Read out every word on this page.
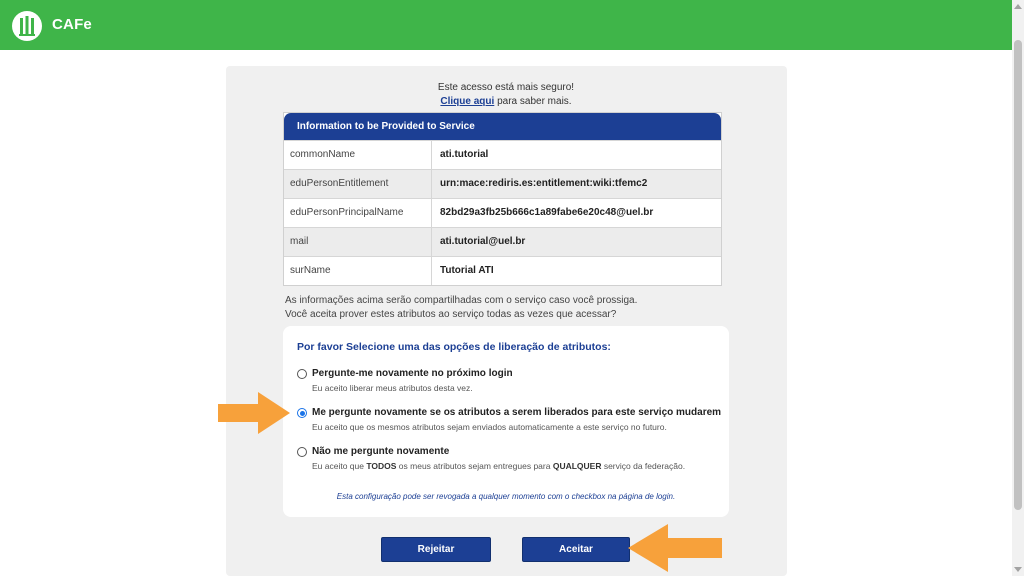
CAFe
Este acesso está mais seguro!
Clique aqui para saber mais.
Information to be Provided to Service
commonName	ati.tutorial
eduPersonEntitlement	urn:mace:rediris.es:entitlement:wiki:tfemc2
eduPersonPrincipalName	82bd29a3fb25b666c1a89fabe6e20c48@uel.br
mail	ati.tutorial@uel.br
surName	Tutorial ATI
As informações acima serão compartilhadas com o serviço caso você prossiga.
Você aceita prover estes atributos ao serviço todas as vezes que acessar?
Por favor Selecione uma das opções de liberação de atributos:
Pergunte-me novamente no próximo login
Eu aceito liberar meus atributos desta vez.
Me pergunte novamente se os atributos a serem liberados para este serviço mudarem
Eu aceito que os mesmos atributos sejam enviados automaticamente a este serviço no futuro.
Não me pergunte novamente
Eu aceito que TODOS os meus atributos sejam entregues para QUALQUER serviço da federação.
Esta configuração pode ser revogada a qualquer momento com o checkbox na página de login.
Rejeitar	Aceitar
